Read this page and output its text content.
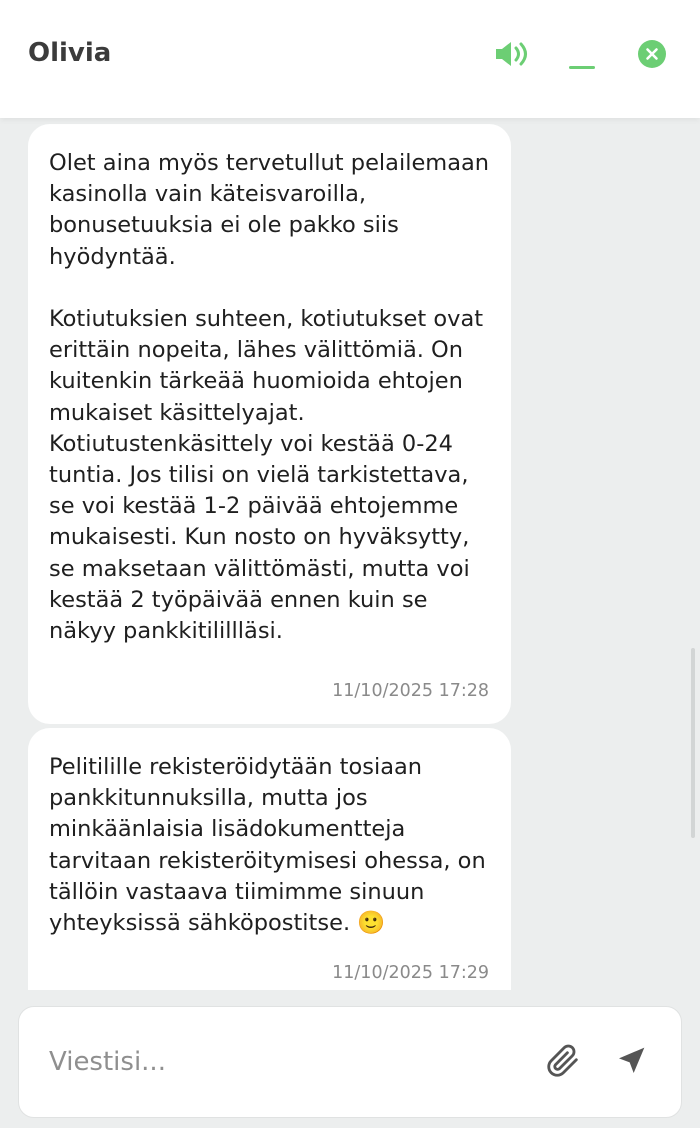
Olivia
Olet aina myös tervetullut pelailemaan
kasinolla vain käteisvaroilla,
bonusetuuksia ei ole pakko siis
hyödyntää.

Kotiutuksien suhteen, kotiutukset ovat
erittäin nopeita, lähes välittömiä. On
kuitenkin tärkeää huomioida ehtojen
mukaiset käsittelyajat.
Kotiutustenkäsittely voi kestää 0-24
tuntia. Jos tilisi on vielä tarkistettava,
se voi kestää 1-2 päivää ehtojemme
mukaisesti. Kun nosto on hyväksytty,
se maksetaan välittömästi, mutta voi
kestää 2 työpäivää ennen kuin se
näkyy pankkitilillläsi.
11/10/2025 17:28
Pelitilille rekisteröidytään tosiaan
pankkitunnuksilla, mutta jos
minkäänlaisia lisädokumentteja
tarvitaan rekisteröitymisesi ohessa, on
tällöin vastaava tiimimme sinuun
yhteyksissä sähköpostitse. 🙂
11/10/2025 17:29
Viestisi...
